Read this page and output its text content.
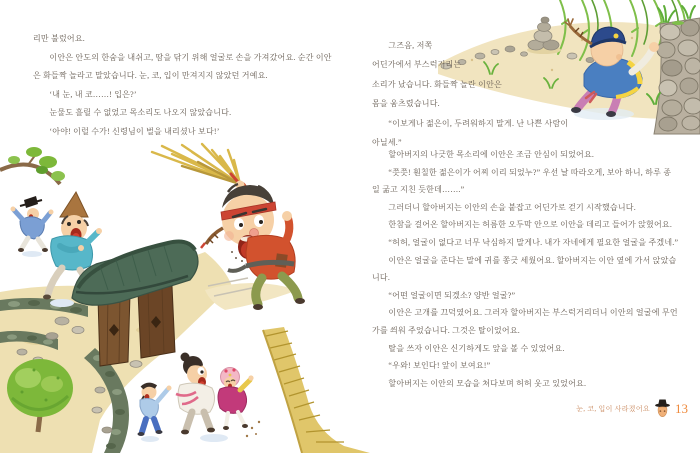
리만 불렀어요.
　　이안은 안도의 한숨을 내쉬고, 땀을 닦기 위해 얼굴로 손을 가져갔어요. 순간 이안
은 화들짝 놀라고 말았습니다. 눈, 코, 입이 만져지지 않았던 거예요.
　　‘내 눈, 내 코……! 입은?’
　　눈물도 흘릴 수 없었고 목소리도 나오지 않았습니다.
　　‘아야! 이럴 수가! 신령님이 벌을 내리셨나 보다!’
　　그즈음, 저쪽
어딘가에서 부스럭거리는
소리가 났습니다. 화들짝 놀란 이안은
몸을 움츠렸습니다.
　　“이보게나 젊은이, 두려워하지 말게. 난 나쁜 사람이
아닐세.”
　　할아버지의 나긋한 목소리에 이안은 조금 안심이 되었어요.
　　“쯧쯧! 훤칠한 젊은이가 어찌 이리 되었누?” 우선 날 따라오게, 보아 하니, 하루 종
일 굶고 지친 듯한데…….”
　　그러더니 할아버지는 이안의 손을 붙잡고 어딘가로 걷기 시작했습니다.
　　한참을 걸어온 할아버지는 허름한 오두막 안으로 이안을 데리고 들어가 앉혔어요.
　　“허허, 얼굴이 없다고 너무 낙심하지 말게나. 내가 자네에게 필요한 얼굴을 주겠네.”
　　이안은 얼굴을 준다는 말에 귀를 쫑긋 세웠어요. 할아버지는 이안 옆에 가서 앉았습
니다.
　　“어떤 얼굴이면 되겠소? 양반 얼굴?”
　　이안은 고개를 끄덕였어요. 그러자 할아버지는 부스럭거리더니 이안의 얼굴에 무언
가를 씌워 주었습니다. 그것은 탈이었어요.
　　탈을 쓰자 이안은 신기하게도 앞을 볼 수 있었어요.
　　“우와! 보인다! 앞이 보여요!”
　　할아버지는 이안의 모습을 쳐다보며 허허 웃고 있었어요.
눈, 코, 입이 사라졌어요 13
